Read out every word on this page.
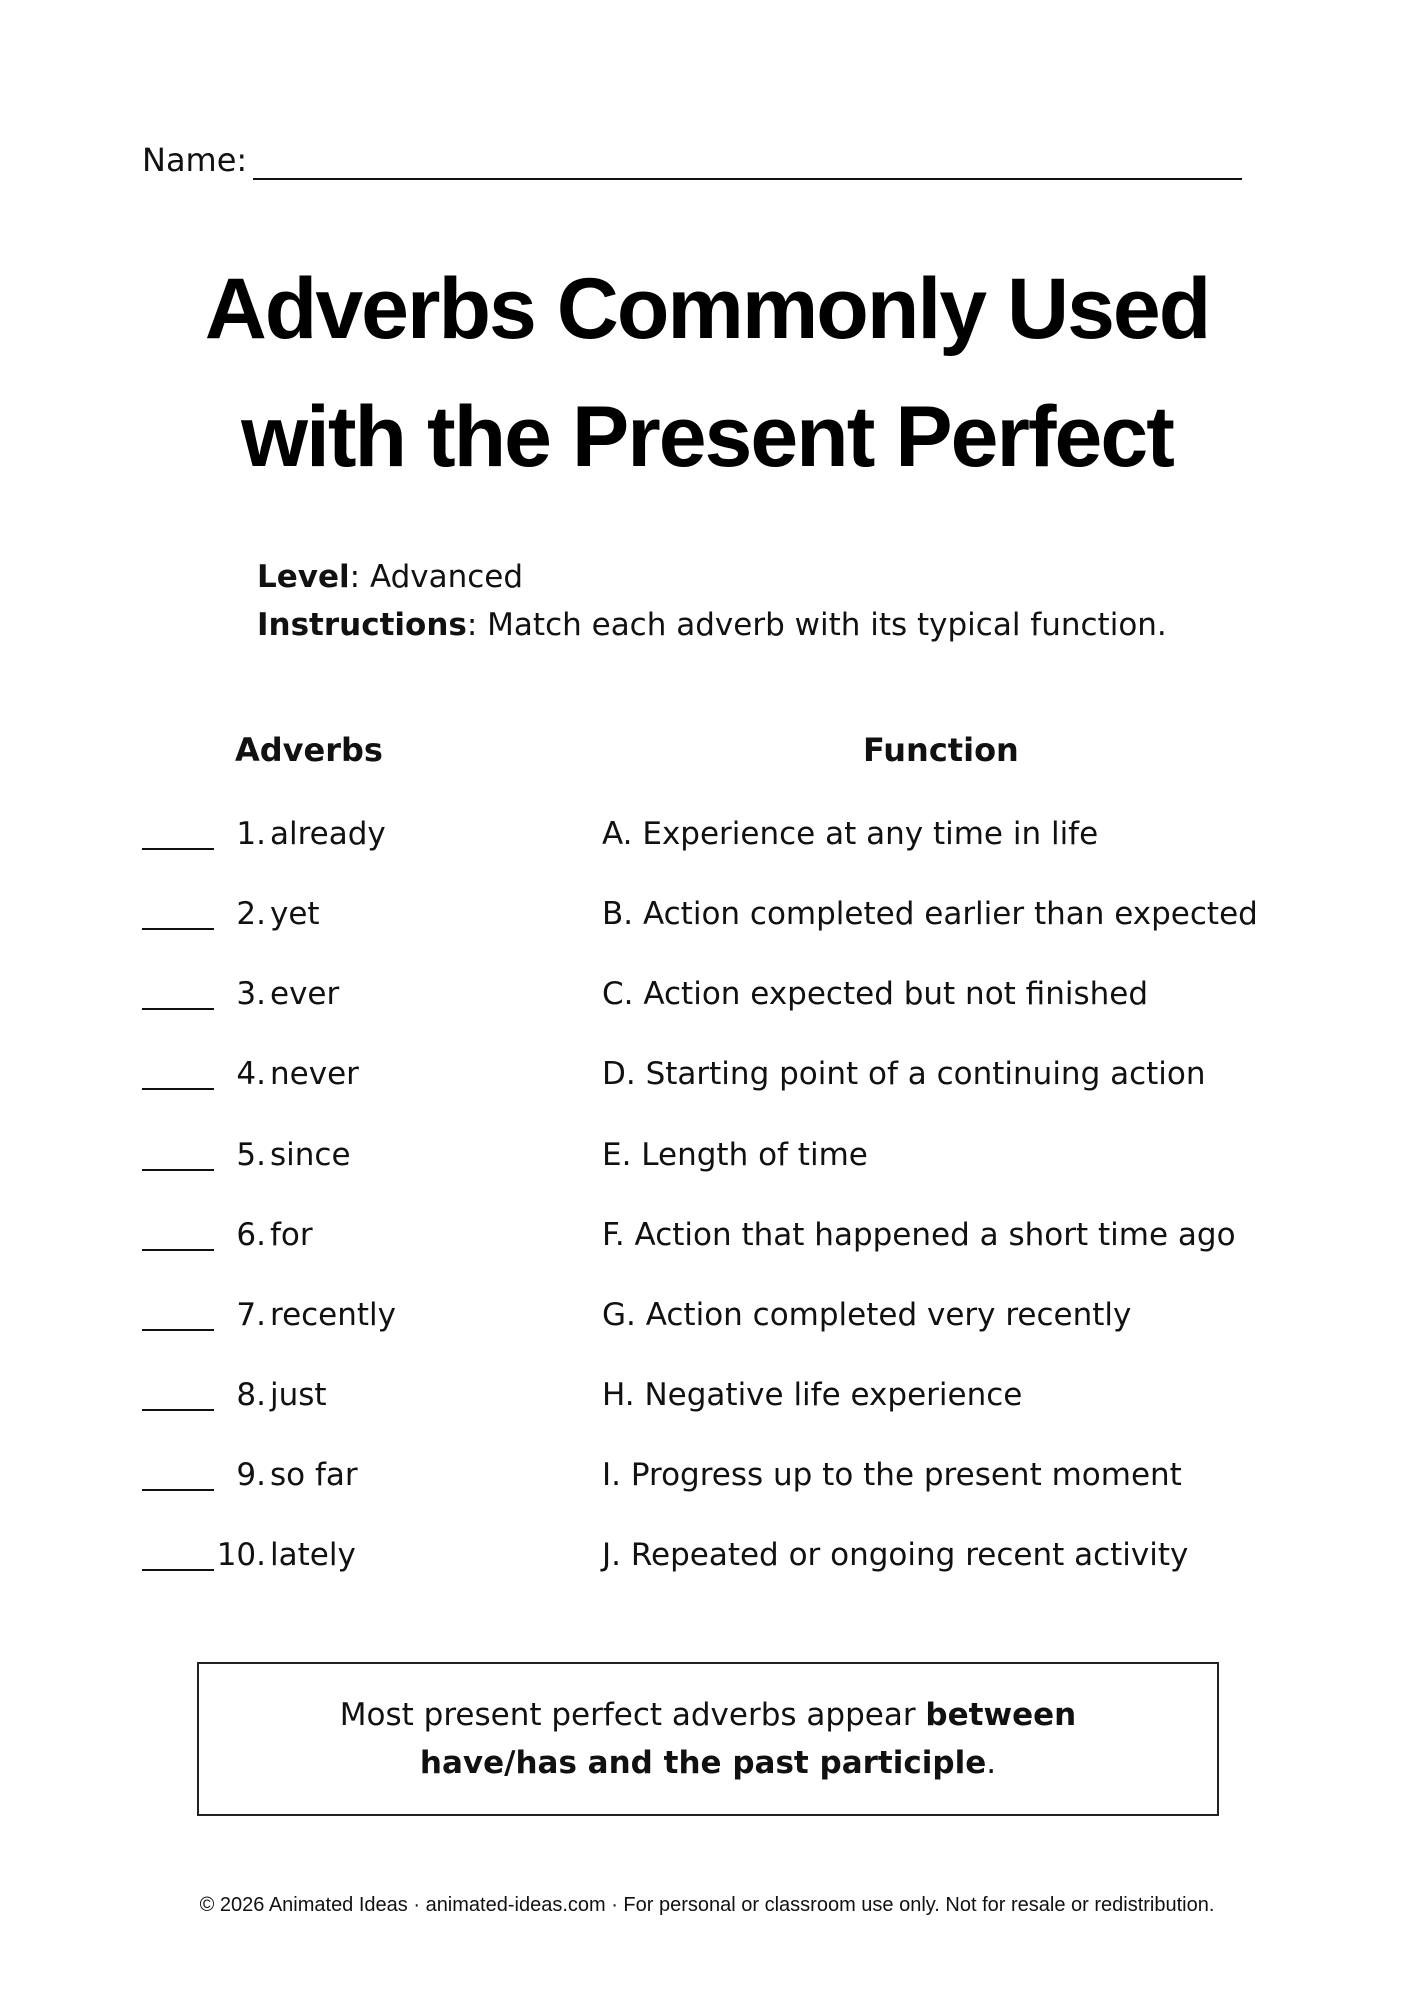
Name:
Adverbs Commonly Used
with the Present Perfect
Level: Advanced
Instructions: Match each adverb with its typical function.
Adverbs	Function
1. already	A. Experience at any time in life
2. yet	B. Action completed earlier than expected
3. ever	C. Action expected but not finished
4. never	D. Starting point of a continuing action
5. since	E. Length of time
6. for	F. Action that happened a short time ago
7. recently	G. Action completed very recently
8. just	H. Negative life experience
9. so far	I. Progress up to the present moment
10. lately	J. Repeated or ongoing recent activity
Most present perfect adverbs appear between have/has and the past participle.
© 2026 Animated Ideas · animated-ideas.com · For personal or classroom use only. Not for resale or redistribution.
